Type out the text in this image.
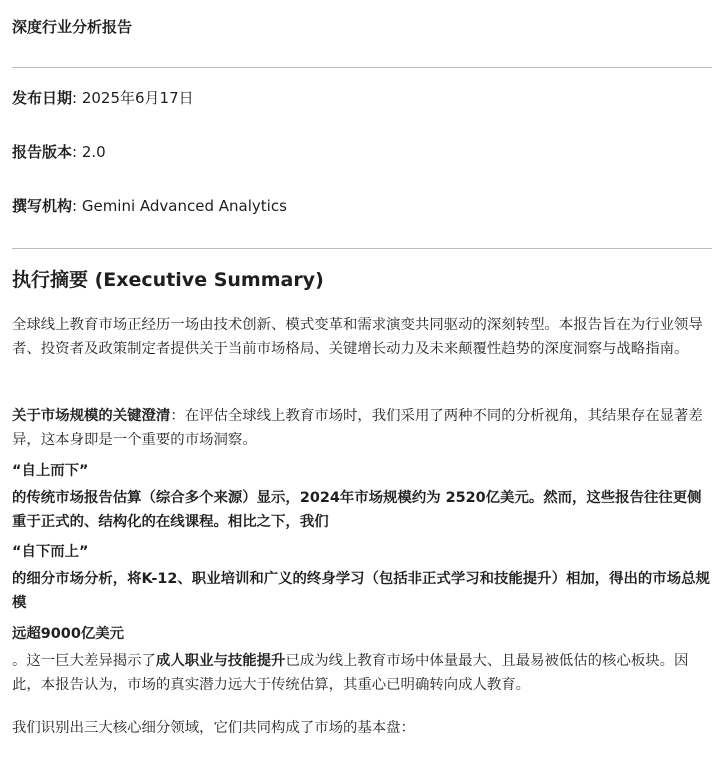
深度行业分析报告
发布日期: 2025年6月17日
报告版本: 2.0
撰写机构: Gemini Advanced Analytics
执行摘要 (Executive Summary)
全球线上教育市场正经历一场由技术创新、模式变革和需求演变共同驱动的深刻转型。本报告旨在为行业领导者、投资者及政策制定者提供关于当前市场格局、关键增长动力及未来颠覆性趋势的深度洞察与战略指南。
关于市场规模的关键澄清：在评估全球线上教育市场时，我们采用了两种不同的分析视角，其结果存在显著差异，这本身即是一个重要的市场洞察。
“自上而下”
的传统市场报告估算（综合多个来源）显示，2024年市场规模约为 2520亿美元。然而，这些报告往往更侧重于正式的、结构化的在线课程。相比之下，我们
“自下而上”
的细分市场分析，将K-12、职业培训和广义的终身学习（包括非正式学习和技能提升）相加，得出的市场总规模
远超9000亿美元
。这一巨大差异揭示了成人职业与技能提升已成为线上教育市场中体量最大、且最易被低估的核心板块。因此，本报告认为，市场的真实潜力远大于传统估算，其重心已明确转向成人教育。
我们识别出三大核心细分领域，它们共同构成了市场的基本盘：
